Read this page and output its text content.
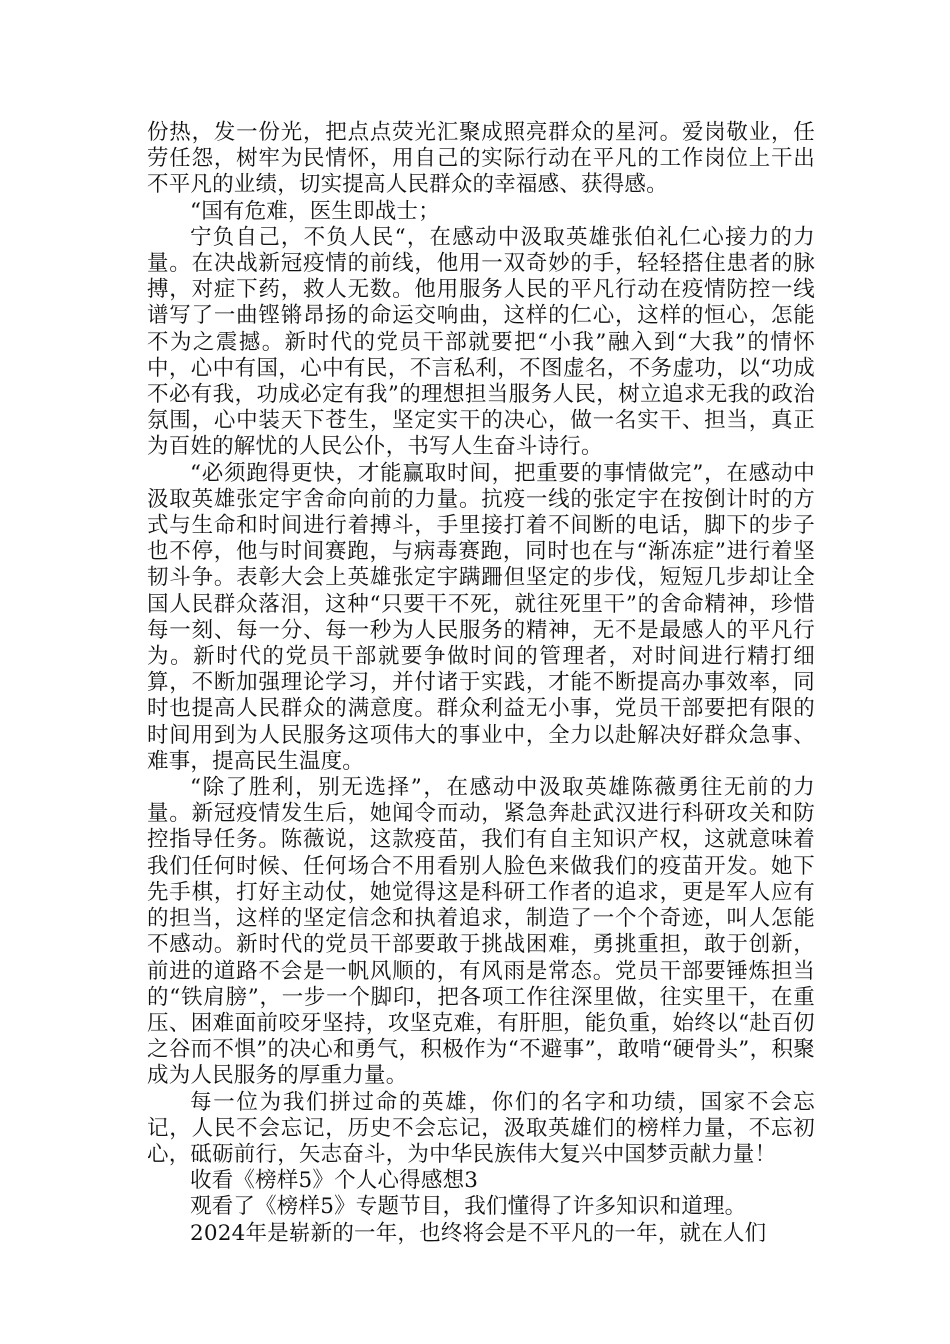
份热，发一份光，把点点荧光汇聚成照亮群众的星河。爱岗敬业，任劳任怨，树牢为民情怀，用自己的实际行动在平凡的工作岗位上干出不平凡的业绩，切实提高人民群众的幸福感、获得感。

“国有危难，医生即战士；

宁负自己，不负人民“，在感动中汲取英雄张伯礼仁心接力的力量。在决战新冠疫情的前线，他用一双奇妙的手，轻轻搭住患者的脉搏，对症下药，救人无数。他用服务人民的平凡行动在疫情防控一线谱写了一曲铿锵昂扬的命运交响曲，这样的仁心，这样的恒心，怎能不为之震撼。新时代的党员干部就要把“小我”融入到“大我”的情怀中，心中有国，心中有民，不言私利，不图虚名，不务虚功，以“功成不必有我，功成必定有我”的理想担当服务人民，树立追求无我的政治氛围，心中装天下苍生，坚定实干的决心，做一名实干、担当，真正为百姓的解忧的人民公仆，书写人生奋斗诗行。

“必须跑得更快，才能赢取时间，把重要的事情做完”，在感动中汲取英雄张定宇舍命向前的力量。抗疫一线的张定宇在按倒计时的方式与生命和时间进行着搏斗，手里接打着不间断的电话，脚下的步子也不停，他与时间赛跑，与病毒赛跑，同时也在与“渐冻症”进行着坚韧斗争。表彰大会上英雄张定宇蹒跚但坚定的步伐，短短几步却让全国人民群众落泪，这种“只要干不死，就往死里干”的舍命精神，珍惜每一刻、每一分、每一秒为人民服务的精神，无不是最感人的平凡行为。新时代的党员干部就要争做时间的管理者，对时间进行精打细算，不断加强理论学习，并付诸于实践，才能不断提高办事效率，同时也提高人民群众的满意度。群众利益无小事，党员干部要把有限的时间用到为人民服务这项伟大的事业中，全力以赴解决好群众急事、难事，提高民生温度。

“除了胜利，别无选择”，在感动中汲取英雄陈薇勇往无前的力量。新冠疫情发生后，她闻令而动，紧急奔赴武汉进行科研攻关和防控指导任务。陈薇说，这款疫苗，我们有自主知识产权，这就意味着我们任何时候、任何场合不用看别人脸色来做我们的疫苗开发。她下先手棋，打好主动仗，她觉得这是科研工作者的追求，更是军人应有的担当，这样的坚定信念和执着追求，制造了一个个奇迹，叫人怎能不感动。新时代的党员干部要敢于挑战困难，勇挑重担，敢于创新，前进的道路不会是一帆风顺的，有风雨是常态。党员干部要锤炼担当的“铁肩膀”，一步一个脚印，把各项工作往深里做，往实里干，在重压、困难面前咬牙坚持，攻坚克难，有肝胆，能负重，始终以“赴百仞之谷而不惧”的决心和勇气，积极作为“不避事”，敢啃“硬骨头”，积聚成为人民服务的厚重力量。

每一位为我们拼过命的英雄，你们的名字和功绩，国家不会忘记，人民不会忘记，历史不会忘记，汲取英雄们的榜样力量，不忘初心，砥砺前行，矢志奋斗，为中华民族伟大复兴中国梦贡献力量！

收看《榜样5》个人心得感想3

观看了《榜样5》专题节目，我们懂得了许多知识和道理。

2024年是崭新的一年，也终将会是不平凡的一年，就在人们
